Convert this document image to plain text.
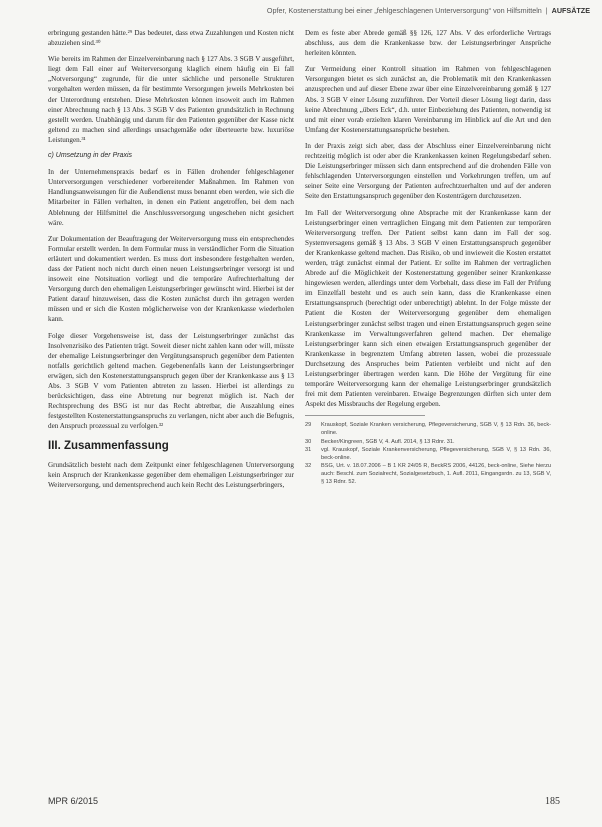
Opfer, Kostenerstattung bei einer „fehlgeschlagenen Unterversorgung“ von Hilfsmitteln  |  AUFSÄTZE

erbringung gestanden hätte.²⁹ Das bedeutet, dass etwa Zuzahlungen und Kosten nicht abzuziehen sind.³⁰

Wie bereits im Rahmen der Einzelvereinbarung nach § 127 Abs. 3 SGB V ausgeführt, liegt dem Fall einer auf Weiterversorgung klaglich einem häufig ein Ei fall „Notversorgung“ zugrunde, für die unter sächliche und personelle Strukturen vorgehalten werden müssen, da für bestimmte Versorgungen jeweils Mehrkosten bei der Unterordnung entstehen. Diese Mehrkosten können insoweit auch im Rahmen einer Abrechnung nach § 13 Abs. 3 SGB V des Patienten grundsätzlich in Rechnung gestellt werden. Unabhängig und darum für den Patienten gegenüber der Kasse nicht geltend zu machen sind allerdings unsachgemäße oder überteuerte bzw. luxuriöse Leistungen.³¹

c) Umsetzung in der Praxis

In der Unternehmenspraxis bedarf es in Fällen drohender fehlgeschlagener Unterversorgungen verschiedener vorbereitender Maßnahmen. Im Rahmen von Handlungsanweisungen für die Außendienst muss benannt eben werden, wie sich die Mitarbeiter in Fällen verhalten, in denen ein Patient angetroffen, bei dem nach Ablehnung der Hilfsmittel die Anschlussversorgung ungeschehen nicht gesichert wäre.

Zur Dokumentation der Beauftragung der Weiterversorgung muss ein entsprechendes Formular erstellt werden. In dem Formular muss in verständlicher Form die Situation erläutert und dokumentiert werden. Es muss dort insbesondere festgehalten werden, dass der Patient noch nicht durch einen neuen Leistungserbringer versorgt ist und insoweit eine Notsituation vorliegt und die temporäre Aufrechterhaltung der Versorgung durch den ehemaligen Leistungserbringer gewünscht wird. Hierbei ist der Patient darauf hinzuweisen, dass die Kosten zunächst durch ihn getragen werden müssen und er sich die Kosten möglicherweise von der Krankenkasse wiederholen kann.

Folge dieser Vorgehensweise ist, dass der Leistungserbringer zunächst das Insolvenzrisiko des Patienten trägt. Soweit dieser nicht zahlen kann oder will, müsste der ehemalige Leistungserbringer den Vergütungsanspruch gegenüber dem Patienten notfalls gerichtlich geltend machen. Gegebenenfalls kann der Leistungserbringer erwägen, sich den Kostenerstattungsanspruch gegen über der Krankenkasse aus § 13 Abs. 3 SGB V vom Patienten abtreten zu lassen. Hierbei ist allerdings zu berücksichtigen, dass eine Abtretung nur begrenzt möglich ist. Nach der Rechtsprechung des BSG ist nur das Recht abtretbar, die Auszahlung eines festgestellten Kostenerstattungsanspruchs zu verlangen, nicht aber auch die Befugnis, den Anspruch prozessual zu verfolgen.³²

III. Zusammenfassung

Grundsätzlich besteht nach dem Zeitpunkt einer fehlgeschlagenen Unterversorgung kein Anspruch der Krankenkasse gegenüber dem ehemaligen Leistungserbringer zur Weiterversorgung, und dementsprechend auch kein Recht des Leistungserbringers,

Dem es feste aber Abrede gemäß §§ 126, 127 Abs. V des erforderliche Vertrags abschluss, aus dem die Krankenkasse bzw. der Leistungserbringer Ansprüche herleiten könnten.

Zur Vermeidung einer Kontroll situation im Rahmen von fehlgeschlagenen Versorgungen bietet es sich zunächst an, die Problematik mit den Krankenkassen anzusprechen und auf dieser Ebene zwar über eine Einzelvereinbarung gemäß § 127 Abs. 3 SGB V einer Lösung zuzuführen. Der Vorteil dieser Lösung liegt darin, dass keine Abrechnung „übers Eck“, d.h. unter Einbeziehung des Patienten, notwendig ist und mit einer vorab erzielten klaren Vereinbarung im Hinblick auf die Art und den Umfang der Kostenerstattungsansprüche bestehen.

In der Praxis zeigt sich aber, dass der Abschluss einer Einzelvereinbarung nicht rechtzeitig möglich ist oder aber die Krankenkassen keinen Regelungsbedarf sehen. Die Leistungserbringer müssen sich dann entsprechend auf die drohenden Fälle von fehlschlagenden Unterversorgungen einstellen und Vorkehrungen treffen, um auf seiner Seite eine Versorgung der Patienten aufrechtzuerhalten und auf der anderen Seite den Erstattungsanspruch gegenüber den Kostenträgern durchzusetzen.

Im Fall der Weiterversorgung ohne Absprache mit der Krankenkasse kann der Leistungserbringer einen vertraglichen Eingang mit dem Patienten zur temporären Weiterversorgung treffen. Der Patient selbst kann dann im Fall der sog. Systemversagens gemäß § 13 Abs. 3 SGB V einen Erstattungsanspruch gegenüber der Krankenkasse geltend machen. Das Risiko, ob und inwieweit die Kosten erstattet werden, trägt zunächst einmal der Patient. Er sollte im Rahmen der vertraglichen Abrede auf die Möglichkeit der Kostenerstattung gegenüber seiner Krankenkasse hingewiesen werden, allerdings unter dem Vorbehalt, dass diese im Fall der Prüfung im Einzelfall besteht und es auch sein kann, dass die Krankenkasse einen Erstattungsanspruch (berechtigt oder unberechtigt) ablehnt. In der Folge müsste der Patient die Kosten der Weiterversorgung gegenüber dem ehemaligen Leistungserbringer zunächst selbst tragen und einen Erstattungsanspruch gegen seine Krankenkasse im Verwaltungsverfahren geltend machen. Der ehemalige Leistungserbringer kann sich einen etwaigen Erstattungsanspruch gegenüber der Krankenkasse in begrenztem Umfang abtreten lassen, wobei die prozessuale Durchsetzung des Anspruches beim Patienten verbleibt und nicht auf den Leistungserbringer übertragen werden kann. Die Höhe der Vergütung für eine temporäre Weiterversorgung kann der ehemalige Leistungserbringer grundsätzlich frei mit dem Patienten vereinbaren. Etwaige Begrenzungen dürften sich unter dem Aspekt des Missbrauchs der Regelung ergeben.

29	Krauskopf, Soziale Kranken versicherung, Pflegeversicherung, SGB V, § 13 Rdn. 36, beck-online.
30	Becker/Kingreen, SGB V, 4. Aufl. 2014, § 13 Rdnr. 31.
31	vgl. Krauskopf, Soziale Krankenversicherung, Pflegeversicherung, SGB V, § 13 Rdn. 36, beck-online.
32	BSG, Urt. v. 18.07.2006 – B 1 KR 24/05 R, BeckRS 2006, 44126, beck-online, Siehe hierzu auch: Beschl. zum Sozialrecht, Sozialgesetzbuch, 1. Aufl. 2011, Eingangsrdn. zu 13, SGB V, § 13 Rdnr. 52.
MPR 6/2015	185
